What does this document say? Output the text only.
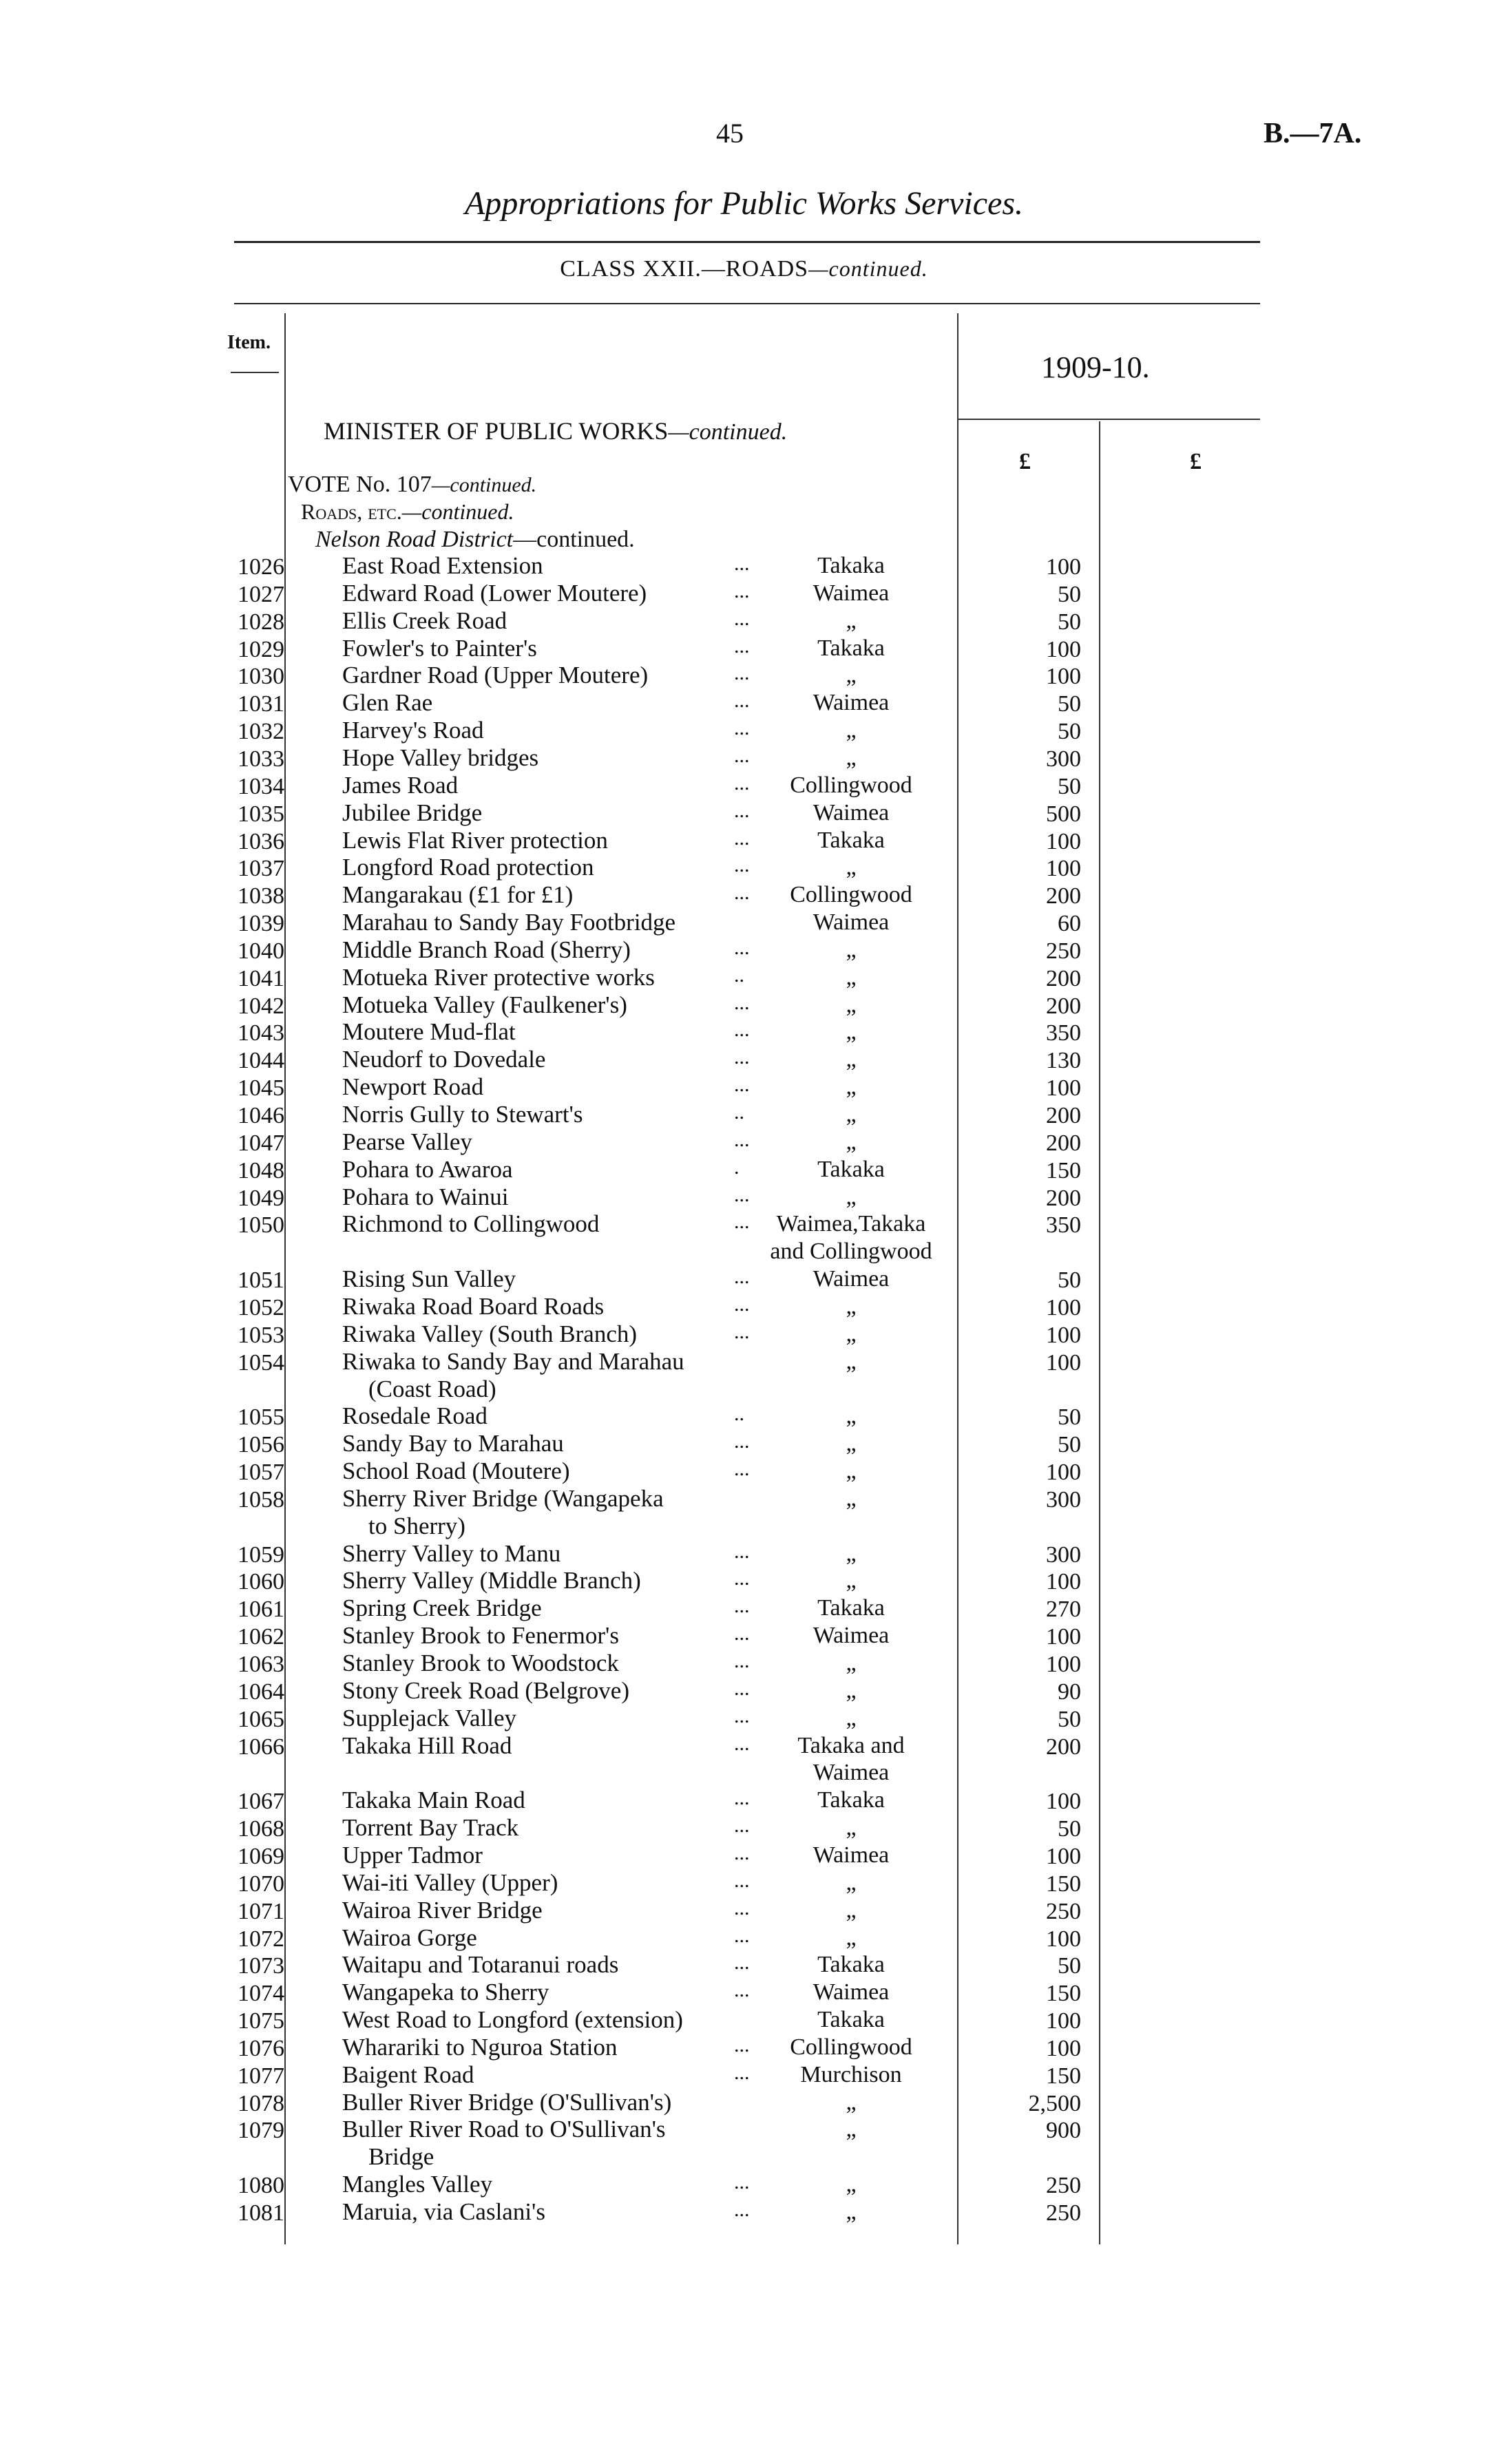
45	B.—7A.
Appropriations for Public Works Services.
CLASS XXII.—ROADS—continued.
Item.
1909-10.
MINISTER OF PUBLIC WORKS—continued.
£	£
VOTE No. 107—continued.
Roads, etc.—continued.
Nelson Road District—continued.
1026 East Road Extension	...	Takaka	100
1027 Edward Road (Lower Moutere)	...	Waimea	50
1028 Ellis Creek Road	...	„	50
1029 Fowler's to Painter's	...	Takaka	100
1030 Gardner Road (Upper Moutere)	...	„	100
1031 Glen Rae	...	Waimea	50
1032 Harvey's Road	...	„	50
1033 Hope Valley bridges	...	„	300
1034 James Road	...	Collingwood	50
1035 Jubilee Bridge	...	Waimea	500
1036 Lewis Flat River protection	...	Takaka	100
1037 Longford Road protection	...	„	100
1038 Mangarakau (£1 for £1)	...	Collingwood	200
1039 Marahau to Sandy Bay Footbridge	Waimea	60
1040 Middle Branch Road (Sherry)	...	„	250
1041 Motueka River protective works	..	„	200
1042 Motueka Valley (Faulkener's)	...	„	200
1043 Moutere Mud-flat	...	„	350
1044 Neudorf to Dovedale	...	„	130
1045 Newport Road	...	„	100
1046 Norris Gully to Stewart's	..	„	200
1047 Pearse Valley	...	„	200
1048 Pohara to Awaroa	.	Takaka	150
1049 Pohara to Wainui	...	„	200
1050 Richmond to Collingwood	...	Waimea,Takaka	350
and Collingwood
1051 Rising Sun Valley	...	Waimea	50
1052 Riwaka Road Board Roads	...	„	100
1053 Riwaka Valley (South Branch)	...	„	100
1054 Riwaka to Sandy Bay and Marahau	„	100
(Coast Road)
1055 Rosedale Road	..	„	50
1056 Sandy Bay to Marahau	...	„	50
1057 School Road (Moutere)	...	„	100
1058 Sherry River Bridge (Wangapeka	„	300
to Sherry)
1059 Sherry Valley to Manu	...	„	300
1060 Sherry Valley (Middle Branch)	...	„	100
1061 Spring Creek Bridge	...	Takaka	270
1062 Stanley Brook to Fenermor's	...	Waimea	100
1063 Stanley Brook to Woodstock	...	„	100
1064 Stony Creek Road (Belgrove)	...	„	90
1065 Supplejack Valley	...	„	50
1066 Takaka Hill Road	...	Takaka and	200
Waimea
1067 Takaka Main Road	...	Takaka	100
1068 Torrent Bay Track	...	„	50
1069 Upper Tadmor	...	Waimea	100
1070 Wai-iti Valley (Upper)	...	„	150
1071 Wairoa River Bridge	...	„	250
1072 Wairoa Gorge	...	„	100
1073 Waitapu and Totaranui roads	...	Takaka	50
1074 Wangapeka to Sherry	...	Waimea	150
1075 West Road to Longford (extension)	Takaka	100
1076 Wharariki to Nguroa Station	...	Collingwood	100
1077 Baigent Road	...	Murchison	150
1078 Buller River Bridge (O'Sullivan's)	„	2,500
1079 Buller River Road to O'Sullivan's	„	900
Bridge
1080 Mangles Valley	...	„	250
1081 Maruia, via Caslani's	...	„	250
